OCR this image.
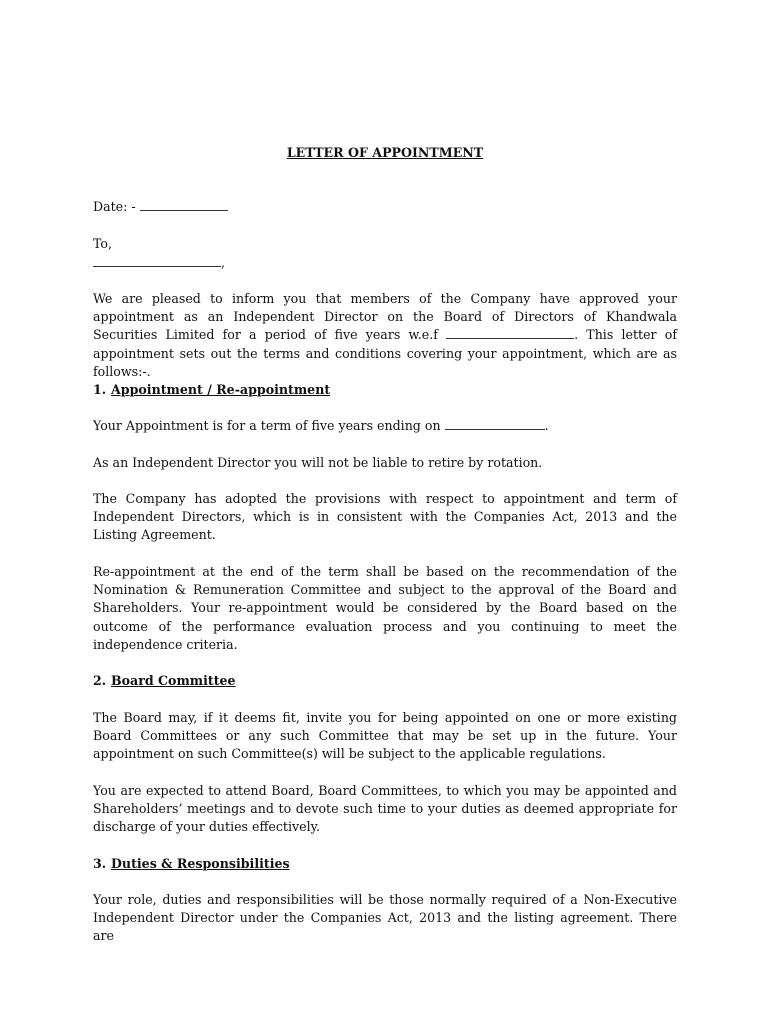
LETTER OF APPOINTMENT
Date: -
To,
,

We are pleased to inform you that members of the Company have approved your appointment as an Independent Director on the Board of Directors of Khandwala Securities Limited for a period of five years w.e.f	. This letter of appointment sets out the terms and conditions covering your appointment, which are as follows:-.

1. Appointment / Re-appointment

Your Appointment is for a term of five years ending on	.

As an Independent Director you will not be liable to retire by rotation.

The Company has adopted the provisions with respect to appointment and term of Independent Directors, which is in consistent with the Companies Act, 2013 and the Listing Agreement.

Re-appointment at the end of the term shall be based on the recommendation of the Nomination & Remuneration Committee and subject to the approval of the Board and Shareholders. Your re-appointment would be considered by the Board based on the outcome of the performance evaluation process and you continuing to meet the independence criteria.

2. Board Committee

The Board may, if it deems fit, invite you for being appointed on one or more existing Board Committees or any such Committee that may be set up in the future. Your appointment on such Committee(s) will be subject to the applicable regulations.

You are expected to attend Board, Board Committees, to which you may be appointed and Shareholders’ meetings and to devote such time to your duties as deemed appropriate for discharge of your duties effectively.

3. Duties & Responsibilities

Your role, duties and responsibilities will be those normally required of a Non-Executive Independent Director under the Companies Act, 2013 and the listing agreement. There are
